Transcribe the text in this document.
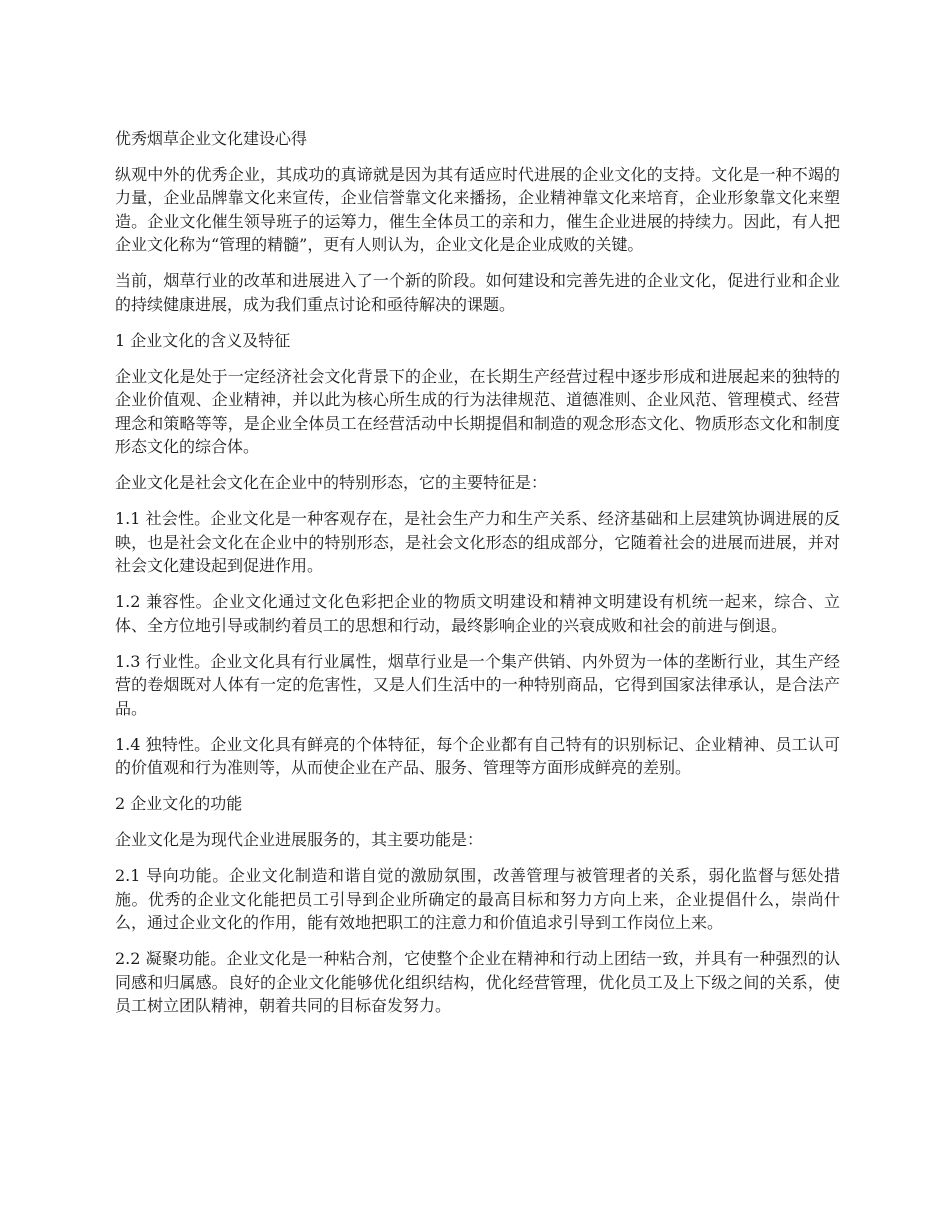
优秀烟草企业文化建设心得

纵观中外的优秀企业，其成功的真谛就是因为其有适应时代进展的企业文化的支持。文化是一种不竭的力量，企业品牌靠文化来宣传，企业信誉靠文化来播扬，企业精神靠文化来培育，企业形象靠文化来塑造。企业文化催生领导班子的运筹力，催生全体员工的亲和力，催生企业进展的持续力。因此，有人把企业文化称为“管理的精髓”，更有人则认为，企业文化是企业成败的关键。

当前，烟草行业的改革和进展进入了一个新的阶段。如何建设和完善先进的企业文化，促进行业和企业的持续健康进展，成为我们重点讨论和亟待解决的课题。

1 企业文化的含义及特征

企业文化是处于一定经济社会文化背景下的企业，在长期生产经营过程中逐步形成和进展起来的独特的企业价值观、企业精神，并以此为核心所生成的行为法律规范、道德准则、企业风范、管理模式、经营理念和策略等等，是企业全体员工在经营活动中长期提倡和制造的观念形态文化、物质形态文化和制度形态文化的综合体。

企业文化是社会文化在企业中的特别形态，它的主要特征是：

1.1 社会性。企业文化是一种客观存在，是社会生产力和生产关系、经济基础和上层建筑协调进展的反映，也是社会文化在企业中的特别形态，是社会文化形态的组成部分，它随着社会的进展而进展，并对社会文化建设起到促进作用。

1.2 兼容性。企业文化通过文化色彩把企业的物质文明建设和精神文明建设有机统一起来，综合、立体、全方位地引导或制约着员工的思想和行动，最终影响企业的兴衰成败和社会的前进与倒退。

1.3 行业性。企业文化具有行业属性，烟草行业是一个集产供销、内外贸为一体的垄断行业，其生产经营的卷烟既对人体有一定的危害性，又是人们生活中的一种特别商品，它得到国家法律承认，是合法产品。

1.4 独特性。企业文化具有鲜亮的个体特征，每个企业都有自己特有的识别标记、企业精神、员工认可的价值观和行为准则等，从而使企业在产品、服务、管理等方面形成鲜亮的差别。

2 企业文化的功能

企业文化是为现代企业进展服务的，其主要功能是：

2.1 导向功能。企业文化制造和谐自觉的激励氛围，改善管理与被管理者的关系，弱化监督与惩处措施。优秀的企业文化能把员工引导到企业所确定的最高目标和努力方向上来，企业提倡什么，崇尚什么，通过企业文化的作用，能有效地把职工的注意力和价值追求引导到工作岗位上来。

2.2 凝聚功能。企业文化是一种粘合剂，它使整个企业在精神和行动上团结一致，并具有一种强烈的认同感和归属感。良好的企业文化能够优化组织结构，优化经营管理，优化员工及上下级之间的关系，使员工树立团队精神，朝着共同的目标奋发努力。
